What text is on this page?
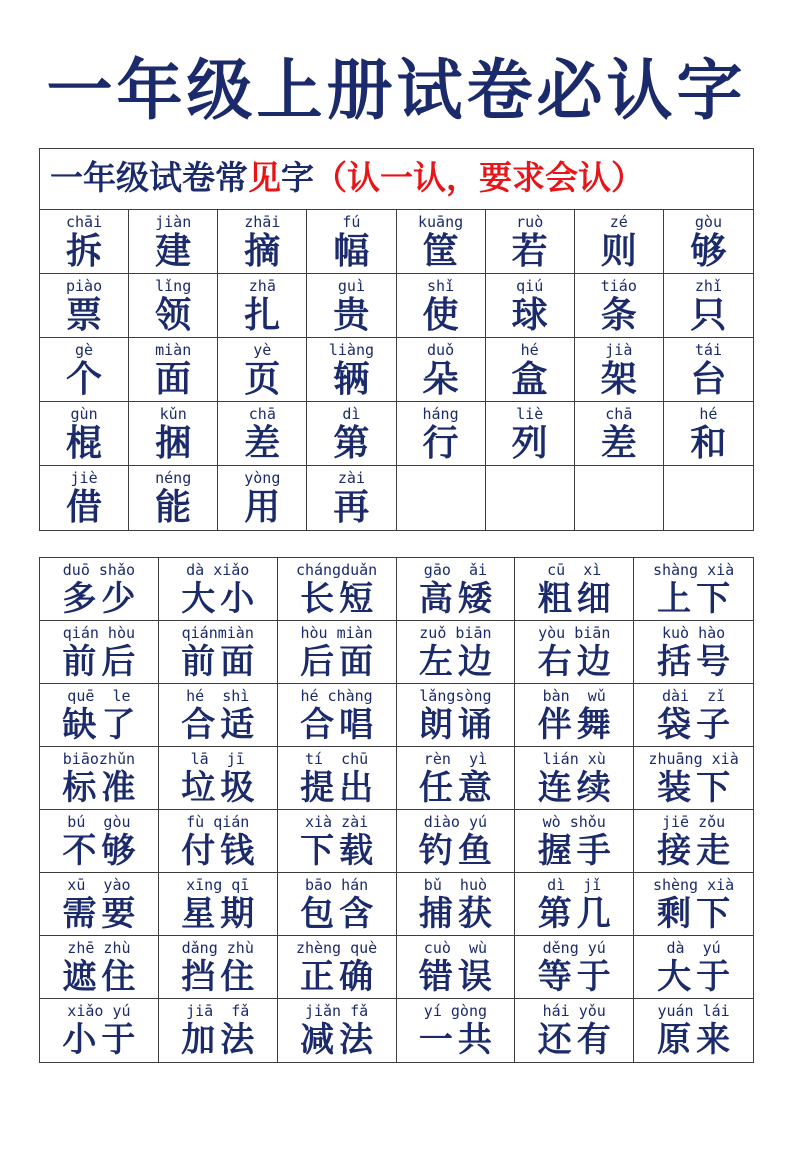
一年级上册试卷必认字
一年级试卷常见字（认一认，要求会认）
chāi
拆
jiàn
建
zhāi
摘
fú
幅
kuāng
筐
ruò
若
zé
则
gòu
够
piào
票
lǐng
领
zhā
扎
guì
贵
shǐ
使
qiú
球
tiáo
条
zhǐ
只
gè
个
miàn
面
yè
页
liàng
辆
duǒ
朵
hé
盒
jià
架
tái
台
gùn
棍
kǔn
捆
chā
差
dì
第
háng
行
liè
列
chā
差
hé
和
jiè
借
néng
能
yòng
用
zài
再
duō shǎo
多少
dà xiǎo
大小
chángduǎn
长短
gāo  ǎi
高矮
cū  xì
粗细
shàng xià
上下
qián hòu
前后
qiánmiàn
前面
hòu miàn
后面
zuǒ biān
左边
yòu biān
右边
kuò hào
括号
quē  le
缺了
hé  shì
合适
hé chàng
合唱
lǎngsòng
朗诵
bàn  wǔ
伴舞
dài  zǐ
袋子
biāozhǔn
标准
lā  jī
垃圾
tí  chū
提出
rèn  yì
任意
lián xù
连续
zhuāng xià
装下
bú  gòu
不够
fù qián
付钱
xià zài
下载
diào yú
钓鱼
wò shǒu
握手
jiē zǒu
接走
xū  yào
需要
xīng qī
星期
bāo hán
包含
bǔ  huò
捕获
dì  jǐ
第几
shèng xià
剩下
zhē zhù
遮住
dǎng zhù
挡住
zhèng què
正确
cuò  wù
错误
děng yú
等于
dà  yú
大于
xiǎo yú
小于
jiā  fǎ
加法
jiǎn fǎ
减法
yí gòng
一共
hái yǒu
还有
yuán lái
原来
